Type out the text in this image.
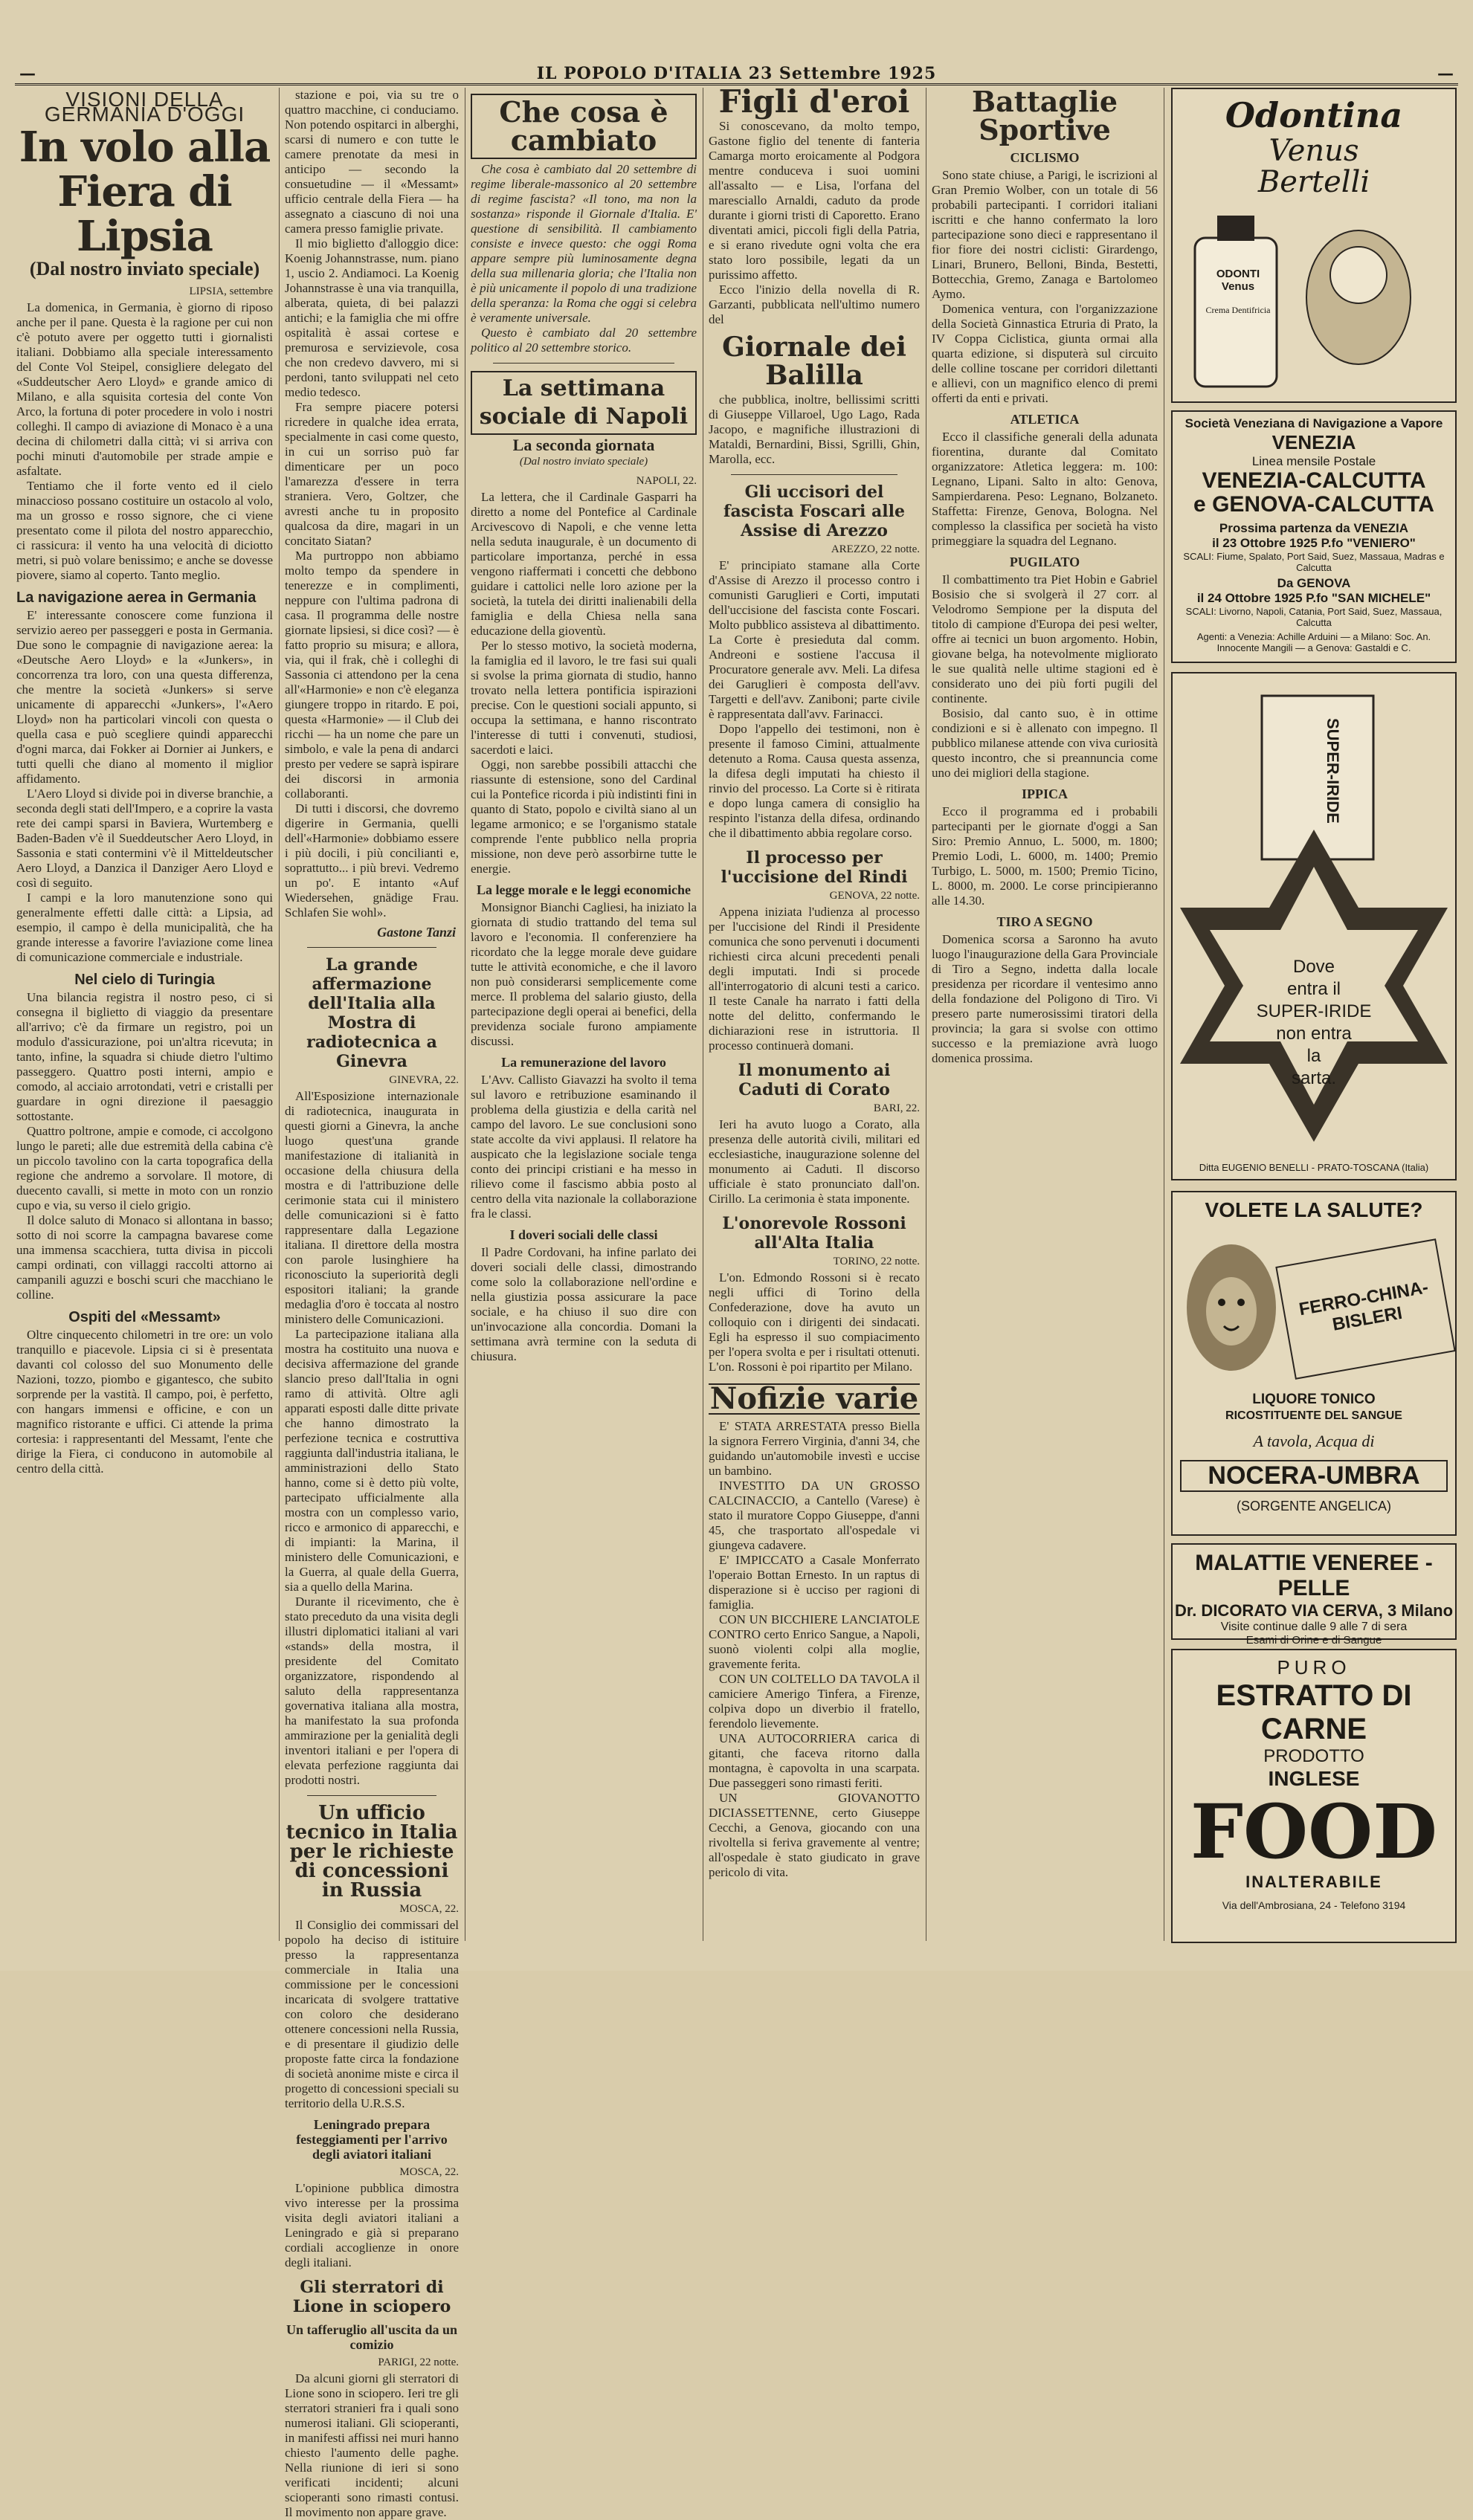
—	IL POPOLO D'ITALIA 23 Settembre 1925	—
VISIONI DELLA GERMANIA D'OGGI
In volo alla Fiera di Lipsia
(Dal nostro inviato speciale)
LIPSIA, settembre

La domenica, in Germania, è giorno di riposo anche per il pane. Questa è la ragione per cui non c'è potuto avere per oggetto tutti i giornalisti italiani. Dobbiamo alla speciale interessamento del Conte Vol Steipel, consigliere delegato del «Suddeutscher Aero Lloyd» e grande amico di Milano, e alla squisita cortesia del conte Von Arco, la fortuna di poter procedere in volo i nostri colleghi. Il campo di aviazione di Monaco è a una decina di chilometri dalla città; vi si arriva con pochi minuti d'automobile per strade ampie e asfaltate.

Tentiamo che il forte vento ed il cielo minaccioso possano costituire un ostacolo al volo, ma un grosso e rosso signore, che ci viene presentato come il pilota del nostro apparecchio, ci rassicura: il vento ha una velocità di diciotto metri, si può volare benissimo; e anche se dovesse piovere, siamo al coperto. Tanto meglio.

La navigazione aerea in Germania

E' interessante conoscere come funziona il servizio aereo per passeggeri e posta in Germania. Due sono le compagnie di navigazione aerea: la «Deutsche Aero Lloyd» e la «Junkers», in concorrenza tra loro, con una questa differenza, che mentre la società «Junkers» si serve unicamente di apparecchi «Junkers», l'«Aero Lloyd» non ha particolari vincoli con questa o quella casa e può scegliere quindi apparecchi d'ogni marca, dai Fokker ai Dornier ai Junkers, e tutti quelli che diano al momento il miglior affidamento.

L'Aero Lloyd si divide poi in diverse branchie, a seconda degli stati dell'Impero, e a coprire la vasta rete dei campi sparsi in Baviera, Wurtemberg e Baden-Baden v'è il Sueddeutscher Aero Lloyd, in Sassonia e stati contermini v'è il Mitteldeutscher Aero Lloyd, a Danzica il Danziger Aero Lloyd e così di seguito.

I campi e la loro manutenzione sono qui generalmente effetti dalle città: a Lipsia, ad esempio, il campo è della municipalità, che ha grande interesse a favorire l'aviazione come linea di comunicazione commerciale e industriale.

Nel cielo di Turingia

Una bilancia registra il nostro peso, ci si consegna il biglietto di viaggio da presentare all'arrivo; c'è da firmare un registro, poi un modulo d'assicurazione, poi un'altra ricevuta; in tanto, infine, la squadra si chiude dietro l'ultimo passeggero. Quattro posti interni, ampio e comodo, al acciaio arrotondati, vetri e cristalli per guardare in ogni direzione il paesaggio sottostante.

Quattro poltrone, ampie e comode, ci accolgono lungo le pareti; alle due estremità della cabina c'è un piccolo tavolino con la carta topografica della regione che andremo a sorvolare. Il motore, di duecento cavalli, si mette in moto con un ronzio cupo e via, su verso il cielo grigio.

Il dolce saluto di Monaco si allontana in basso; sotto di noi scorre la campagna bavarese come una immensa scacchiera, tutta divisa in piccoli campi ordinati, con villaggi raccolti attorno ai campanili aguzzi e boschi scuri che macchiano le colline.

Ospiti del «Messamt»

Oltre cinquecento chilometri in tre ore: un volo tranquillo e piacevole. Lipsia ci si è presentata davanti col colosso del suo Monumento delle Nazioni, tozzo, piombo e gigantesco, che subito sorprende per la vastità. Il campo, poi, è perfetto, con hangars immensi e officine, e con un magnifico ristorante e uffici. Ci attende la prima cortesia: i rappresentanti del Messamt, l'ente che dirige la Fiera, ci conducono in automobile al centro della città.

stazione e poi, via su tre o quattro macchine, ci conduciamo. Non potendo ospitarci in alberghi, scarsi di numero e con tutte le camere prenotate da mesi in anticipo — secondo la consuetudine — il «Messamt» ufficio centrale della Fiera — ha assegnato a ciascuno di noi una camera presso famiglie private.

Il mio biglietto d'alloggio dice: Koenig Johannstrasse, num. piano 1, uscio 2. Andiamoci. La Koenig Johannstrasse è una via tranquilla, alberata, quieta, di bei palazzi antichi; e la famiglia che mi offre ospitalità è assai cortese e premurosa e servizievole, cosa che non credevo davvero, mi si perdoni, tanto sviluppati nel ceto medio tedesco.

Fra sempre piacere potersi ricredere in qualche idea errata, specialmente in casi come questo, in cui un sorriso può far dimenticare per un poco l'amarezza d'essere in terra straniera. Vero, Goltzer, che avresti anche tu in proposito qualcosa da dire, magari in un concitato Siatan?

Ma purtroppo non abbiamo molto tempo da spendere in tenerezze e in complimenti, neppure con l'ultima padrona di casa. Il programma delle nostre giornate lipsiesi, si dice così? — è fatto proprio su misura; e allora, via, qui il frak, chè i colleghi di Sassonia ci attendono per la cena all'«Harmonie» e non c'è eleganza giungere troppo in ritardo. E poi, questa «Harmonie» — il Club dei ricchi — ha un nome che pare un simbolo, e vale la pena di andarci presto per vedere se saprà ispirare dei discorsi in armonia collaboranti.

Di tutti i discorsi, che dovremo digerire in Germania, quelli dell'«Harmonie» dobbiamo essere i più docili, i più concilianti e, soprattutto... i più brevi. Vedremo un po'. E intanto «Auf Wiedersehen, gnädige Frau. Schlafen Sie wohl».

Gastone Tanzi
La grande affermazione dell'Italia alla Mostra di radiotecnica a Ginevra
GINEVRA, 22.

All'Esposizione internazionale di radiotecnica, inaugurata in questi giorni a Ginevra, la anche luogo quest'una grande manifestazione di italianità in occasione della chiusura della mostra e di l'attribuzione delle cerimonie stata cui il ministero delle comunicazioni si è fatto rappresentare dalla Legazione italiana. Il direttore della mostra con parole lusinghiere ha riconosciuto la superiorità degli espositori italiani; la grande medaglia d'oro è toccata al nostro ministero delle Comunicazioni.

La partecipazione italiana alla mostra ha costituito una nuova e decisiva affermazione del grande slancio preso dall'Italia in ogni ramo di attività. Oltre agli apparati esposti dalle ditte private che hanno dimostrato la perfezione tecnica e costruttiva raggiunta dall'industria italiana, le amministrazioni dello Stato hanno, come si è detto più volte, partecipato ufficialmente alla mostra con un complesso vario, ricco e armonico di apparecchi, e di impianti: la Marina, il ministero delle Comunicazioni, e la Guerra, al quale della Guerra, sia a quello della Marina.

Durante il ricevimento, che è stato preceduto da una visita degli illustri diplomatici italiani al vari «stands» della mostra, il presidente del Comitato organizzatore, rispondendo al saluto della rappresentanza governativa italiana alla mostra, ha manifestato la sua profonda ammirazione per la genialità degli inventori italiani e per l'opera di elevata perfezione raggiunta dai prodotti nostri.

Un ufficio tecnico in Italia per le richieste di concessioni in Russia
MOSCA, 22.

Il Consiglio dei commissari del popolo ha deciso di istituire presso la rappresentanza commerciale in Italia una commissione per le concessioni incaricata di svolgere trattative con coloro che desiderano ottenere concessioni nella Russia, e di presentare il giudizio delle proposte fatte circa la fondazione di società anonime miste e circa il progetto di concessioni speciali su territorio della U.R.S.S.

Leningrado prepara festeggiamenti per l'arrivo degli aviatori italiani
MOSCA, 22.

L'opinione pubblica dimostra vivo interesse per la prossima visita degli aviatori italiani a Leningrado e già si preparano cordiali accoglienze in onore degli italiani.

Gli sterratori di Lione in sciopero
Un tafferuglio all'uscita da un comizio
PARIGI, 22 notte.

Da alcuni giorni gli sterratori di Lione sono in sciopero. Ieri tre gli sterratori stranieri fra i quali sono numerosi italiani. Gli scioperanti, in manifesti affissi nei muri hanno chiesto l'aumento delle paghe. Nella riunione di ieri si sono verificati incidenti; alcuni scioperanti sono rimasti contusi. Il movimento non appare grave.

Che cosa è cambiato

Che cosa è cambiato dal 20 settembre di regime liberale-massonico al 20 settembre di regime fascista? «Il tono, ma non la sostanza» risponde il Giornale d'Italia. E' questione di sensibilità. Il cambiamento consiste e invece questo: che oggi Roma appare sempre più luminosamente degna della sua millenaria gloria; che l'Italia non è più unicamente il popolo di una tradizione della speranza: la Roma che oggi si celebra è veramente universale.

Questo è cambiato dal 20 settembre politico al 20 settembre storico.

La settimana sociale di Napoli
La seconda giornata
(Dal nostro inviato speciale)
NAPOLI, 22.

La lettera, che il Cardinale Gasparri ha diretto a nome del Pontefice al Cardinale Arcivescovo di Napoli, e che venne letta nella seduta inaugurale, è un documento di particolare importanza, perché in essa vengono riaffermati i concetti che debbono guidare i cattolici nelle loro azione per la società, la tutela dei diritti inalienabili della famiglia e della Chiesa nella sana educazione della gioventù.

Per lo stesso motivo, la società moderna, la famiglia ed il lavoro, le tre fasi sui quali si svolse la prima giornata di studio, hanno trovato nella lettera pontificia ispirazioni precise. Con le questioni sociali appunto, si occupa la settimana, e hanno riscontrato l'interesse di tutti i convenuti, studiosi, sacerdoti e laici.

Oggi, non sarebbe possibili attacchi che riassunte di estensione, sono del Cardinal cui la Pontefice ricorda i più indistinti fini in quanto di Stato, popolo e civiltà siano al un legame armonico; e se l'organismo statale comprende l'ente pubblico nella propria missione, non deve però assorbirne tutte le energie.

La legge morale e le leggi economiche

Monsignor Bianchi Cagliesi, ha iniziato la giornata di studio trattando del tema sul lavoro e l'economia. Il conferenziere ha ricordato che la legge morale deve guidare tutte le attività economiche, e che il lavoro non può considerarsi semplicemente come merce. Il problema del salario giusto, della partecipazione degli operai ai benefici, della previdenza sociale furono ampiamente discussi.

La remunerazione del lavoro

L'Avv. Callisto Giavazzi ha svolto il tema sul lavoro e retribuzione esaminando il problema della giustizia e della carità nel campo del lavoro. Le sue conclusioni sono state accolte da vivi applausi. Il relatore ha auspicato che la legislazione sociale tenga conto dei principi cristiani e ha messo in rilievo come il fascismo abbia posto al centro della vita nazionale la collaborazione fra le classi.

I doveri sociali delle classi

Il Padre Cordovani, ha infine parlato dei doveri sociali delle classi, dimostrando come solo la collaborazione nell'ordine e nella giustizia possa assicurare la pace sociale, e ha chiuso il suo dire con un'invocazione alla concordia. Domani la settimana avrà termine con la seduta di chiusura.

Figli d'eroi

Si conoscevano, da molto tempo, Gastone figlio del tenente di fanteria Camarga morto eroicamente al Podgora mentre conduceva i suoi uomini all'assalto — e Lisa, l'orfana del maresciallo Arnaldi, caduto da prode durante i giorni tristi di Caporetto. Erano diventati amici, piccoli figli della Patria, e si erano rivedute ogni volta che era stato loro possibile, legati da un purissimo affetto.

Ecco l'inizio della novella di R. Garzanti, pubblicata nell'ultimo numero del

Giornale dei Balilla

che pubblica, inoltre, bellissimi scritti di Giuseppe Villaroel, Ugo Lago, Rada Jacopo, e magnifiche illustrazioni di Mataldi, Bernardini, Bissi, Sgrilli, Ghin, Marolla, ecc.

Gli uccisori del fascista Foscari alle Assise di Arezzo
AREZZO, 22 notte.

E' principiato stamane alla Corte d'Assise di Arezzo il processo contro i comunisti Garuglieri e Corti, imputati dell'uccisione del fascista conte Foscari. Molto pubblico assisteva al dibattimento. La Corte è presieduta dal comm. Andreoni e sostiene l'accusa il Procuratore generale avv. Meli. La difesa dei Garuglieri è composta dell'avv. Targetti e dell'avv. Zaniboni; parte civile è rappresentata dall'avv. Farinacci.

Dopo l'appello dei testimoni, non è presente il famoso Cimini, attualmente detenuto a Roma. Causa questa assenza, la difesa degli imputati ha chiesto il rinvio del processo. La Corte si è ritirata e dopo lunga camera di consiglio ha respinto l'istanza della difesa, ordinando che il dibattimento abbia regolare corso.

Il processo per l'uccisione del Rindi
GENOVA, 22 notte.

Appena iniziata l'udienza al processo per l'uccisione del Rindi il Presidente comunica che sono pervenuti i documenti richiesti circa alcuni precedenti penali degli imputati. Indi si procede all'interrogatorio di alcuni testi a carico. Il teste Canale ha narrato i fatti della notte del delitto, confermando le dichiarazioni rese in istruttoria. Il processo continuerà domani.

Il monumento ai Caduti di Corato
BARI, 22.

Ieri ha avuto luogo a Corato, alla presenza delle autorità civili, militari ed ecclesiastiche, inaugurazione solenne del monumento ai Caduti. Il discorso ufficiale è stato pronunciato dall'on. Cirillo. La cerimonia è stata imponente.

L'onorevole Rossoni all'Alta Italia
TORINO, 22 notte.

L'on. Edmondo Rossoni si è recato negli uffici di Torino della Confederazione, dove ha avuto un colloquio con i dirigenti dei sindacati. Egli ha espresso il suo compiacimento per l'opera svolta e per i risultati ottenuti. L'on. Rossoni è poi ripartito per Milano.

Nofizie varie

E' STATA ARRESTATA presso Biella la signora Ferrero Virginia, d'anni 34, che guidando un'automobile investì e uccise un bambino.

INVESTITO DA UN GROSSO CALCINACCIO, a Cantello (Varese) è stato il muratore Coppo Giuseppe, d'anni 45, che trasportato all'ospedale vi giungeva cadavere.

E' IMPICCATO a Casale Monferrato l'operaio Bottan Ernesto. In un raptus di disperazione si è ucciso per ragioni di famiglia.

CON UN BICCHIERE LANCIATOLE CONTRO certo Enrico Sangue, a Napoli, suonò violenti colpi alla moglie, gravemente ferita.

CON UN COLTELLO DA TAVOLA il camiciere Amerigo Tinfera, a Firenze, colpiva dopo un diverbio il fratello, ferendolo lievemente.

UNA AUTOCORRIERA carica di gitanti, che faceva ritorno dalla montagna, è capovolta in una scarpata. Due passeggeri sono rimasti feriti.

UN GIOVANOTTO DICIASSETTENNE, certo Giuseppe Cecchi, a Genova, giocando con una rivoltella si feriva gravemente al ventre; all'ospedale è stato giudicato in grave pericolo di vita.

Battaglie Sportive
CICLISMO

Sono state chiuse, a Parigi, le iscrizioni al Gran Premio Wolber, con un totale di 56 probabili partecipanti. I corridori italiani iscritti e che hanno confermato la loro partecipazione sono dieci e rappresentano il fior fiore dei nostri ciclisti: Girardengo, Linari, Brunero, Belloni, Binda, Bestetti, Bottecchia, Gremo, Zanaga e Bartolomeo Aymo.

Domenica ventura, con l'organizzazione della Società Ginnastica Etruria di Prato, la IV Coppa Ciclistica, giunta ormai alla quarta edizione, si disputerà sul circuito delle colline toscane per corridori dilettanti e allievi, con un magnifico elenco di premi offerti da enti e privati.

ATLETICA

Ecco il classifiche generali della adunata fiorentina, durante dal Comitato organizzatore: Atletica leggera: m. 100: Legnano, Lipani. Salto in alto: Genova, Sampierdarena. Peso: Legnano, Bolzaneto. Staffetta: Firenze, Genova, Bologna. Nel complesso la classifica per società ha visto primeggiare la squadra del Legnano.

PUGILATO

Il combattimento tra Piet Hobin e Gabriel Bosisio che si svolgerà il 27 corr. al Velodromo Sempione per la disputa del titolo di campione d'Europa dei pesi welter, offre ai tecnici un buon argomento. Hobin, giovane belga, ha notevolmente migliorato le sue qualità nelle ultime stagioni ed è considerato uno dei più forti pugili del continente.

Bosisio, dal canto suo, è in ottime condizioni e si è allenato con impegno. Il pubblico milanese attende con viva curiosità questo incontro, che si preannuncia come uno dei migliori della stagione.

IPPICA

Ecco il programma ed i probabili partecipanti per le giornate d'oggi a San Siro: Premio Annuo, L. 5000, m. 1800; Premio Lodi, L. 6000, m. 1400; Premio Turbigo, L. 5000, m. 1500; Premio Ticino, L. 8000, m. 2000. Le corse principieranno alle 14.30.

TIRO A SEGNO

Domenica scorsa a Saronno ha avuto luogo l'inaugurazione della Gara Provinciale di Tiro a Segno, indetta dalla locale presidenza per ricordare il ventesimo anno della fondazione del Poligono di Tiro. Vi presero parte numerosissimi tiratori della provincia; la gara si svolse con ottimo successo e la premiazione avrà luogo domenica prossima.

Odontina
Venus
Bertelli
ODONTI Venus
Crema Dentifricia
Società Veneziana di Navigazione a Vapore
VENEZIA
Linea mensile Postale
VENEZIA-CALCUTTA
e GENOVA-CALCUTTA
Prossima partenza da VENEZIA
il 23 Ottobre 1925 P.fo "VENIERO"
SCALI: Fiume, Spalato, Port Said, Suez, Massaua, Madras e Calcutta
Da GENOVA
il 24 Ottobre 1925 P.fo "SAN MICHELE"
SCALI: Livorno, Napoli, Catania, Port Said, Suez, Massaua, Calcutta
Agenti: a Venezia: Achille Arduini — a Milano: Soc. An. Innocente Mangili — a Genova: Gastaldi e C.
SUPER-IRIDE
Dove
entra il
SUPER-IRIDE
non entra
la
sarta.
Ditta EUGENIO BENELLI - PRATO-TOSCANA (Italia)
VOLETE LA SALUTE?
FERRO-CHINA-BISLERI
LIQUORE TONICO
RICOSTITUENTE DEL SANGUE
A tavola, Acqua di
NOCERA-UMBRA
(SORGENTE ANGELICA)
MALATTIE VENEREE - PELLE
Dr. DICORATO VIA CERVA, 3 Milano
Visite continue dalle 9 alle 7 di sera
Esami di Orine e di Sangue
PURO
ESTRATTO DI CARNE
PRODOTTO
INGLESE
FOOD
INALTERABILE
Via dell'Ambrosiana, 24 - Telefono 3194
